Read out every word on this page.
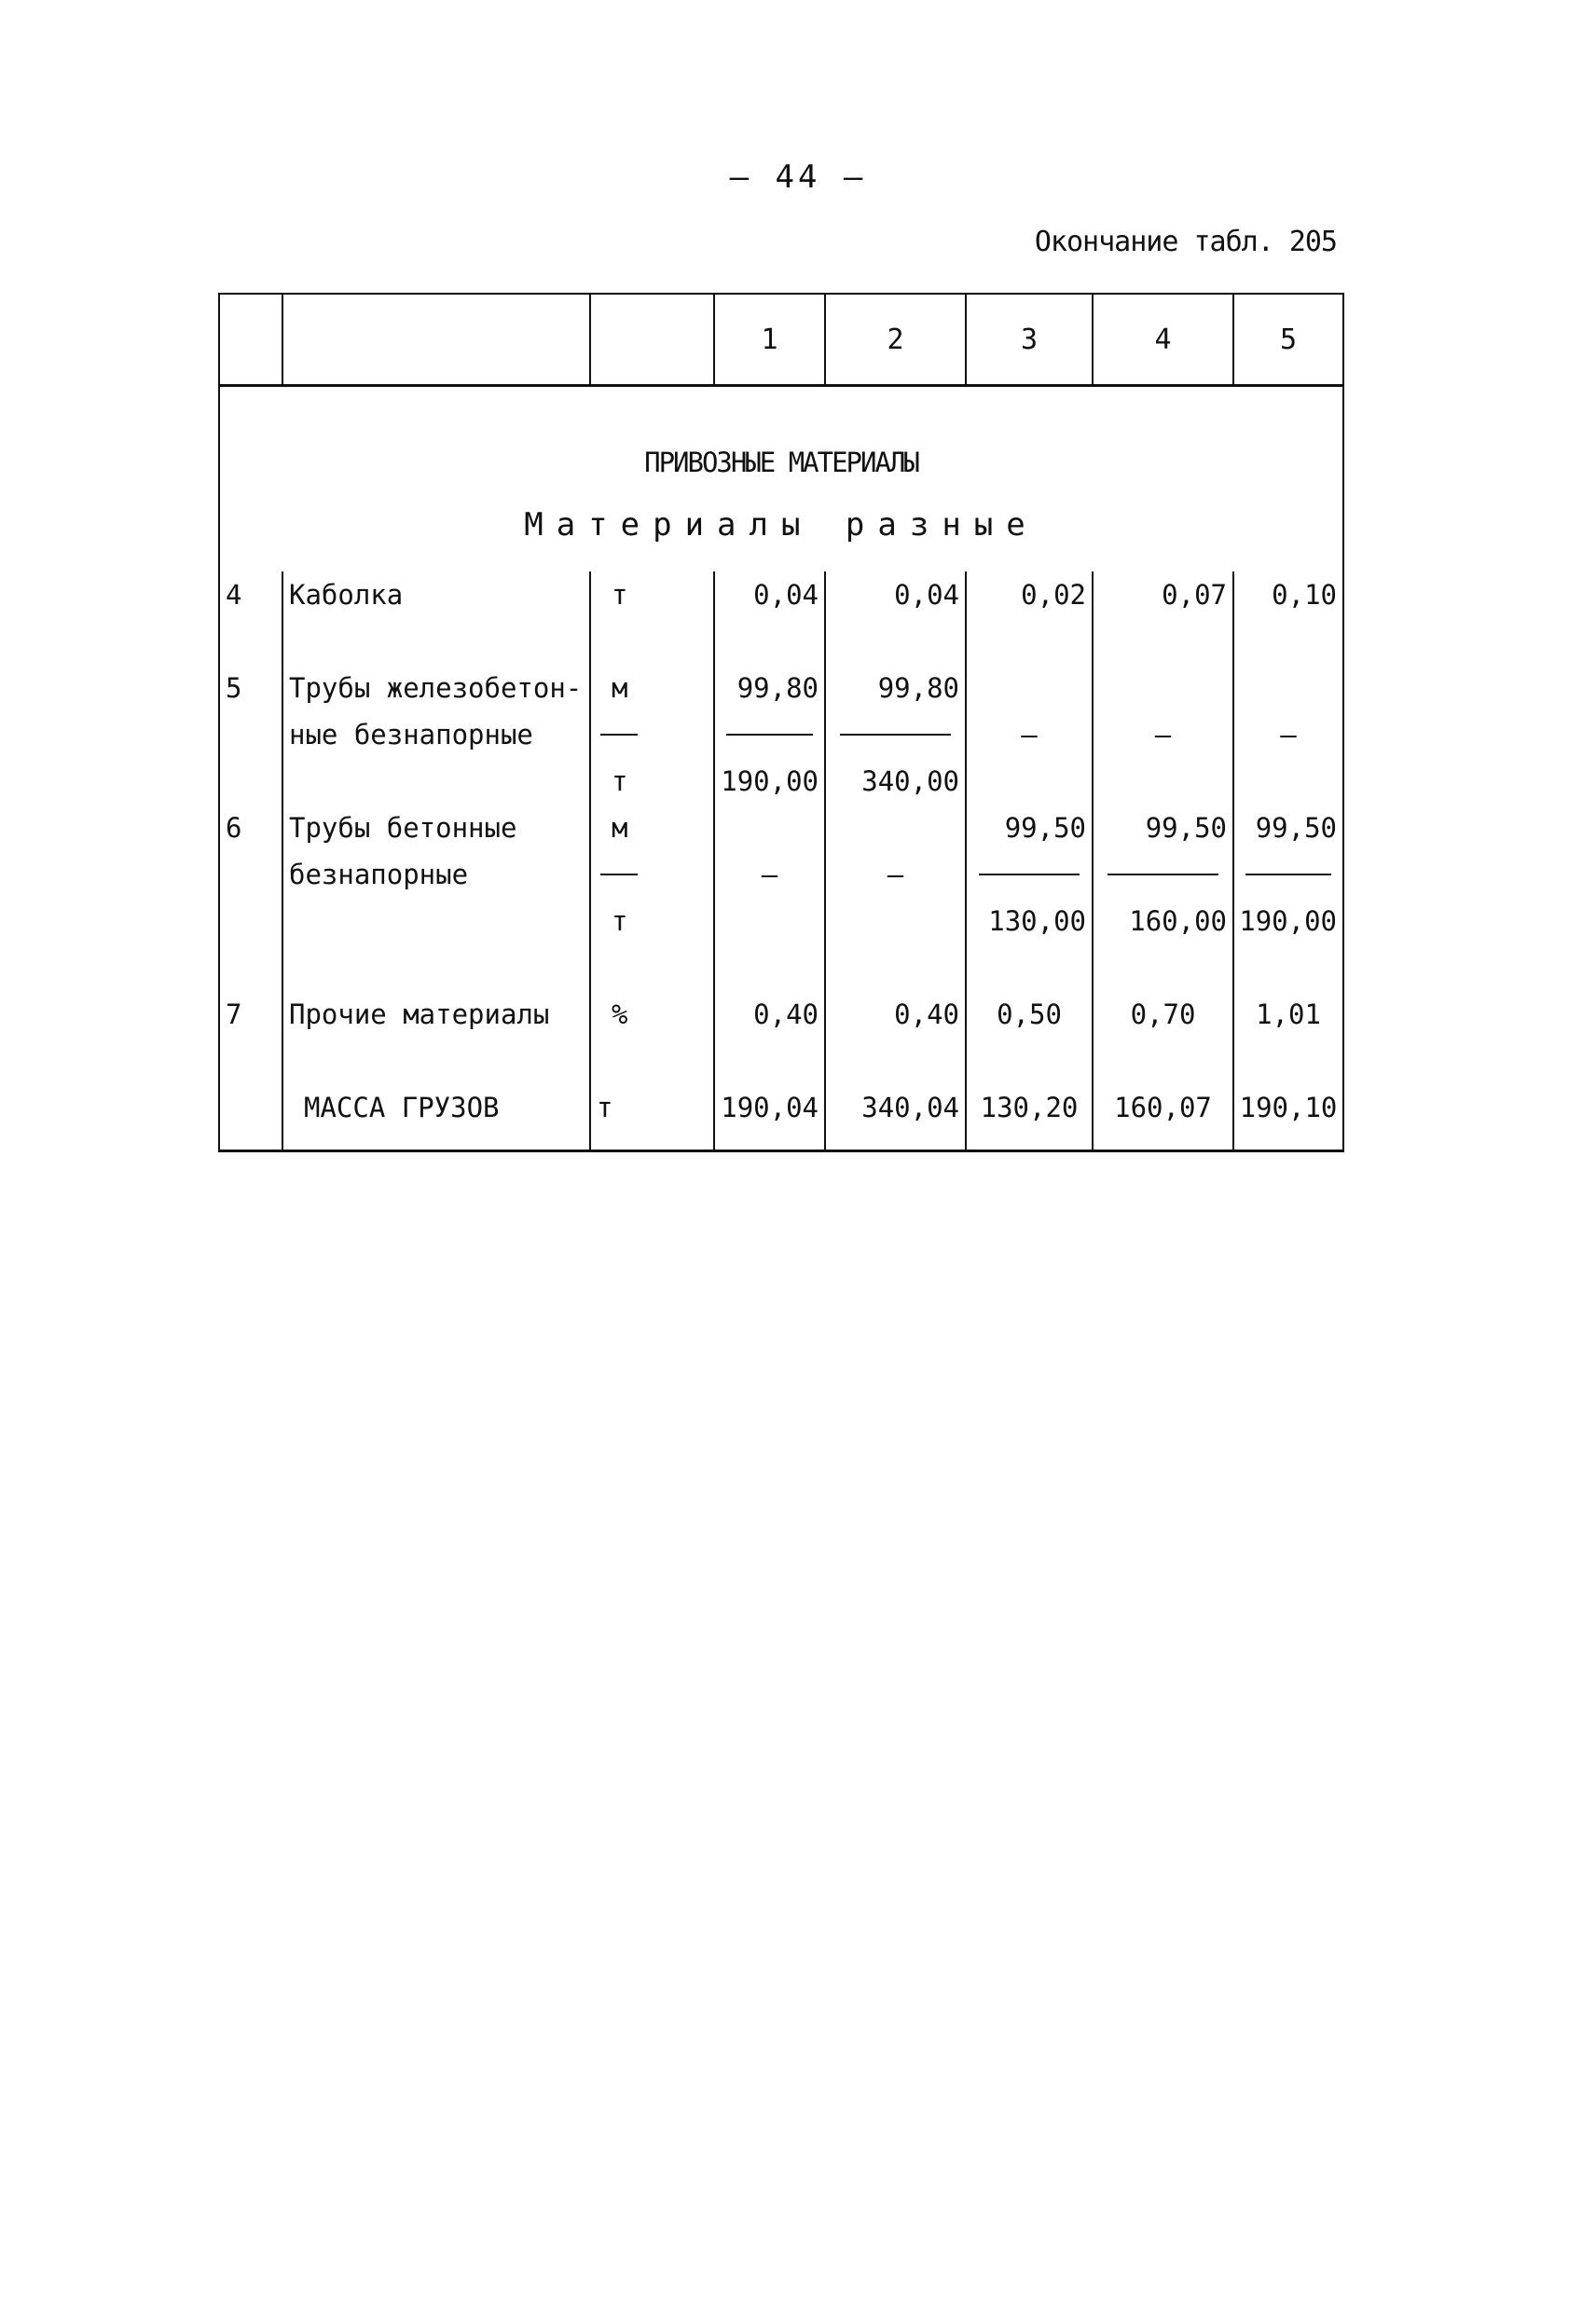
– 44 –
Окончание табл. 205
			1	2	3	4	5
ПРИВОЗНЫЕ МАТЕРИАЛЫ							
Материалы разные							
4	Каболка	т	0,04	0,04	0,02	0,07	0,10

5	Трубы железобетон-	м	99,80	99,80			
	ные безнапорные				–	–	–
		т	190,00	340,00			
6	Трубы бетонные	м			99,50	99,50	99,50
	безнапорные		–	–	

		т			130,00	160,00	190,00

7	Прочие материалы	%	0,40	0,40	0,50	0,70	1,01

	МАССА ГРУЗОВ	т	190,04	340,04	130,20	160,07	190,10
